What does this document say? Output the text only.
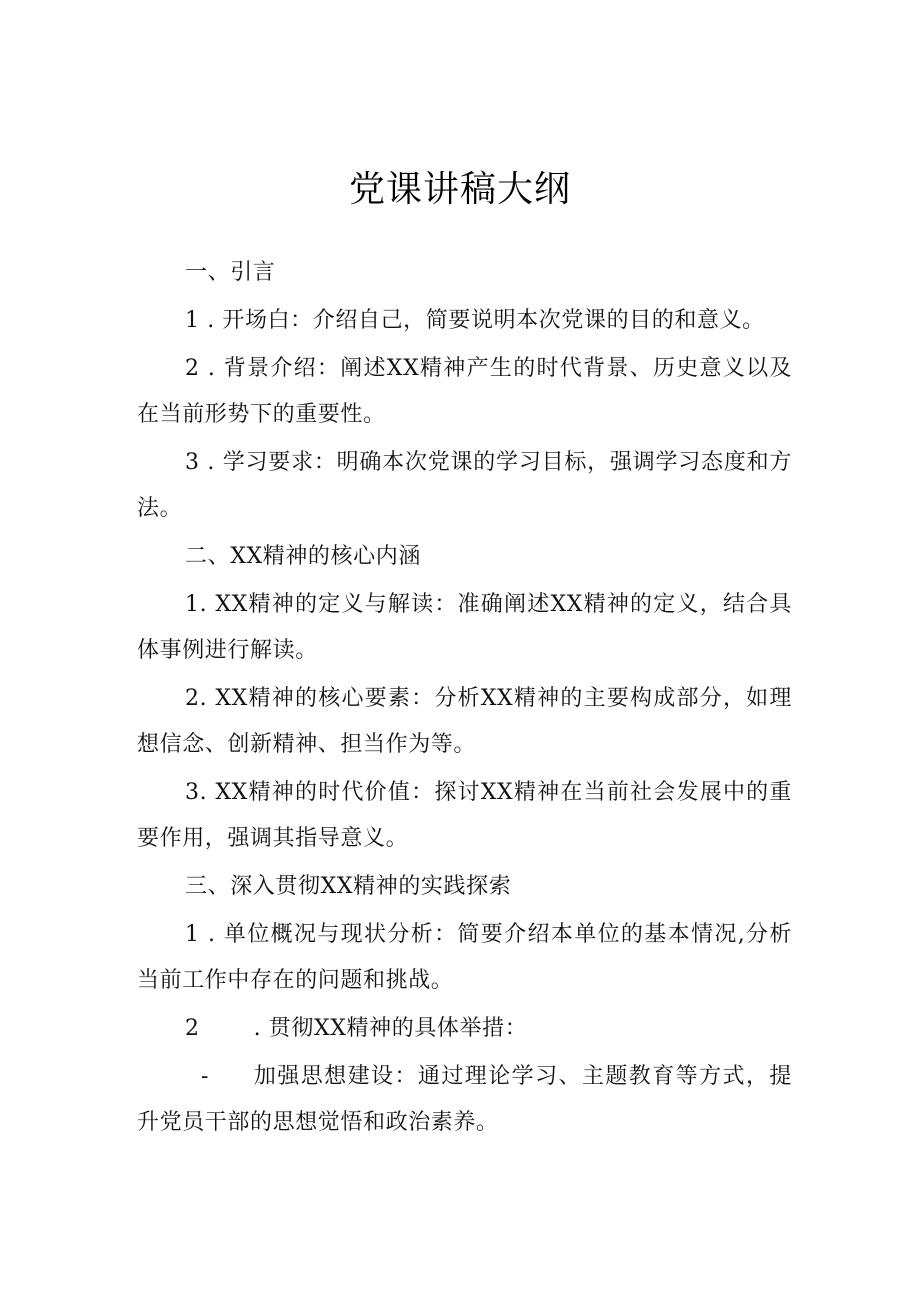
党课讲稿大纲
一、引言
1 . 开场白：介绍自己，简要说明本次党课的目的和意义。
2 . 背景介绍：阐述XX精神产生的时代背景、历史意义以及在当前形势下的重要性。
3 . 学习要求：明确本次党课的学习目标，强调学习态度和方法。
二、XX精神的核心内涵
1. XX精神的定义与解读：准确阐述XX精神的定义，结合具体事例进行解读。
2. XX精神的核心要素：分析XX精神的主要构成部分，如理想信念、创新精神、担当作为等。
3. XX精神的时代价值：探讨XX精神在当前社会发展中的重要作用，强调其指导意义。
三、深入贯彻XX精神的实践探索
1 . 单位概况与现状分析：简要介绍本单位的基本情况,分析当前工作中存在的问题和挑战。
2 . 贯彻XX精神的具体举措：
- 加强思想建设：通过理论学习、主题教育等方式，提升党员干部的思想觉悟和政治素养。
